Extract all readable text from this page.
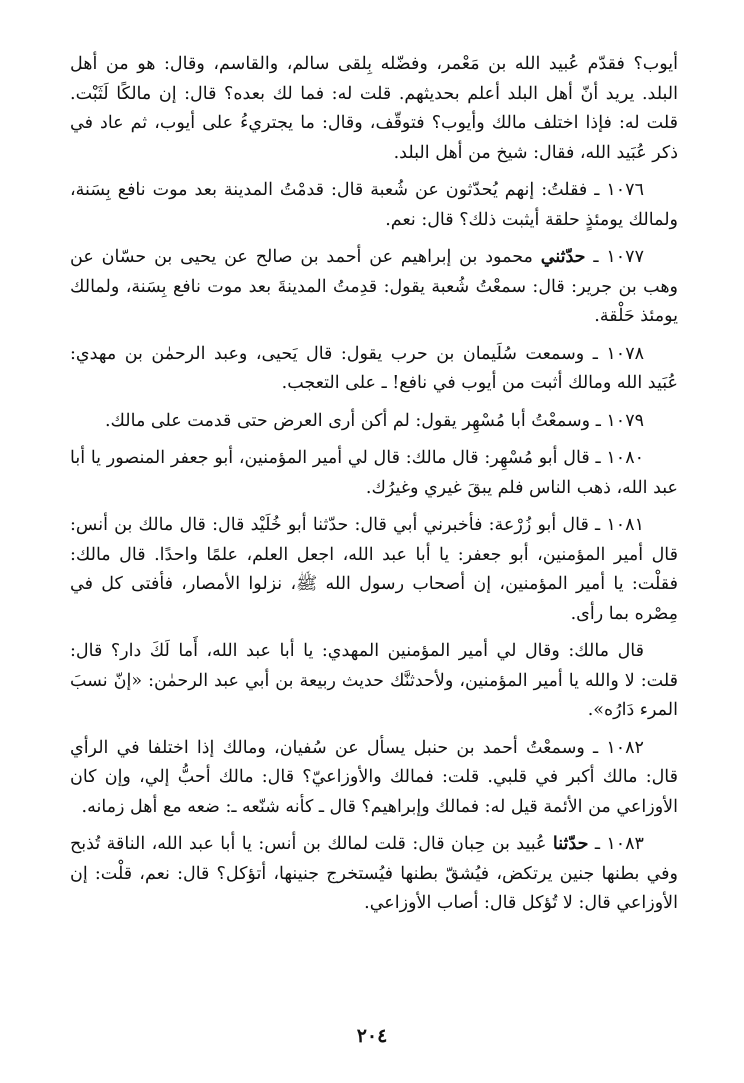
أيوب؟ فقدّم عُبيد الله بن مَعْمر، وفضّله بِلقى سالم، والقاسم، وقال: هو من أهل البلد. يريد أنّ أهل البلد أعلم بحديثهم. قلت له: فما لك بعده؟ قال: إن مالكًا لَثَبْت. قلت له: فإذا اختلف مالك وأيوب؟ فتوقّف، وقال: ما يجتريءُ على أيوب، ثم عاد في ذكر عُبَيد الله، فقال: شيخ من أهل البلد.

١٠٧٦ ـ فقلتُ: إنهم يُحدّثون عن شُعبة قال: قدمْتُ المدينة بعد موت نافع بِسَنة، ولمالك يومئذٍ حلقة أيثبت ذلك؟ قال: نعم.

١٠٧٧ ـ حدّثني محمود بن إبراهيم عن أحمد بن صالح عن يحيى بن حسّان عن وهب بن جرير: قال: سمعْتُ شُعبة يقول: قدِمتُ المدينةَ بعد موت نافع بِسَنة، ولمالك يومئذ حَلْقة.

١٠٧٨ ـ وسمعت سُلَيمان بن حرب يقول: قال يَحيى، وعبد الرحمٰن بن مهدي: عُبَيد الله ومالك أثبت من أيوب في نافع! ـ على التعجب.

١٠٧٩ ـ وسمعْتُ أبا مُسْهِر يقول: لم أكن أرى العرض حتى قدمت على مالك.

١٠٨٠ ـ قال أبو مُسْهِر: قال مالك: قال لي أمير المؤمنين، أبو جعفر المنصور يا أبا عبد الله، ذهب الناس فلم يبقَ غيري وغيرُك.

١٠٨١ ـ قال أبو زُرْعة: فأخبرني أبي قال: حدّثنا أبو خُلَيْد قال: قال مالك بن أنس: قال أمير المؤمنين، أبو جعفر: يا أبا عبد الله، اجعل العلم، علمًا واحدًا. قال مالك: فقلْت: يا أمير المؤمنين، إن أصحاب رسول الله ﷺ، نزلوا الأمصار، فأفتى كل في مِصْره بما رأى.

قال مالك: وقال لي أمير المؤمنين المهدي: يا أبا عبد الله، أَما لَكَ دار؟ قال: قلت: لا والله يا أمير المؤمنين، ولأحدثنَّك حديث ربيعة بن أبي عبد الرحمٰن: «إنّ نسبَ المرء دَارُه».

١٠٨٢ ـ وسمعْتُ أحمد بن حنبل يسأل عن سُفيان، ومالك إذا اختلفا في الرأي قال: مالك أكبر في قلبي. قلت: فمالك والأوزاعيّ؟ قال: مالك أحبُّ إلي، وإن كان الأوزاعي من الأئمة قيل له: فمالك وإبراهيم؟ قال ـ كأنه شنّعه ـ: ضعه مع أهل زمانه.

١٠٨٣ ـ حدّثنا عُبيد بن حِبان قال: قلت لمالك بن أنس: يا أبا عبد الله، الناقة تُذبح وفي بطنها جنين يرتكض، فيُشقّ بطنها فيُستخرج جنينها، أتؤكل؟ قال: نعم، قلْت: إن الأوزاعي قال: لا تُؤكل قال: أصاب الأوزاعي.

٢٠٤
